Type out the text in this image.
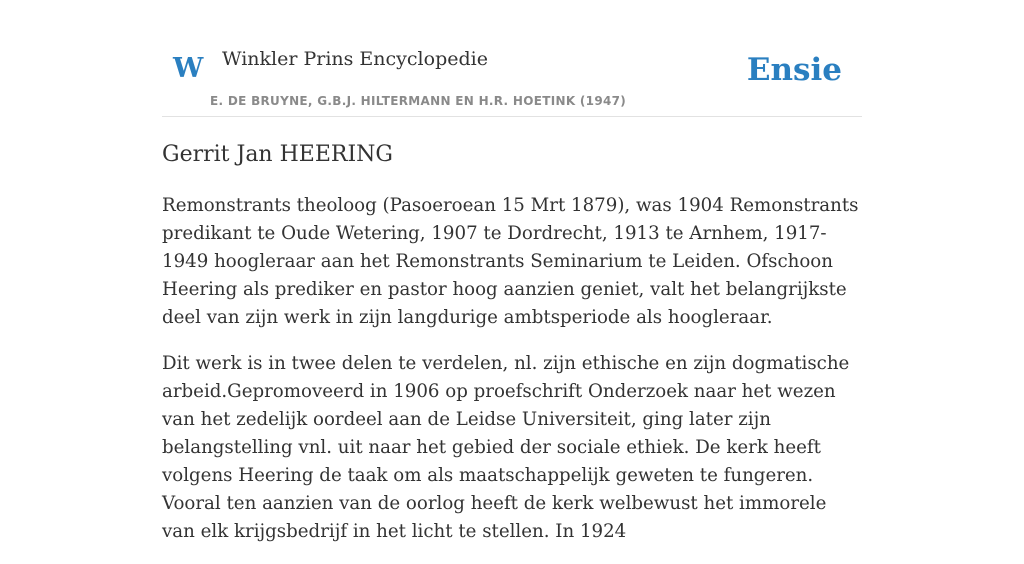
W Winkler Prins Encyclopedie
E. DE BRUYNE, G.B.J. HILTERMANN EN H.R. HOETINK (1947)
Ensie
Gerrit Jan HEERING

Remonstrants theoloog (Pasoeroean 15 Mrt 1879), was 1904 Remonstrants predikant te Oude Wetering, 1907 te Dordrecht, 1913 te Arnhem, 1917-1949 hoogleraar aan het Remonstrants Seminarium te Leiden. Ofschoon Heering als prediker en pastor hoog aanzien geniet, valt het belangrijkste deel van zijn werk in zijn langdurige ambtsperiode als hoogleraar.

Dit werk is in twee delen te verdelen, nl. zijn ethische en zijn dogmatische arbeid.Gepromoveerd in 1906 op proefschrift Onderzoek naar het wezen van het zedelijk oordeel aan de Leidse Universiteit, ging later zijn belangstelling vnl. uit naar het gebied der sociale ethiek. De kerk heeft volgens Heering de taak om als maatschappelijk geweten te fungeren. Vooral ten aanzien van de oorlog heeft de kerk welbewust het immorele van elk krijgsbedrijf in het licht te stellen. In 1924
